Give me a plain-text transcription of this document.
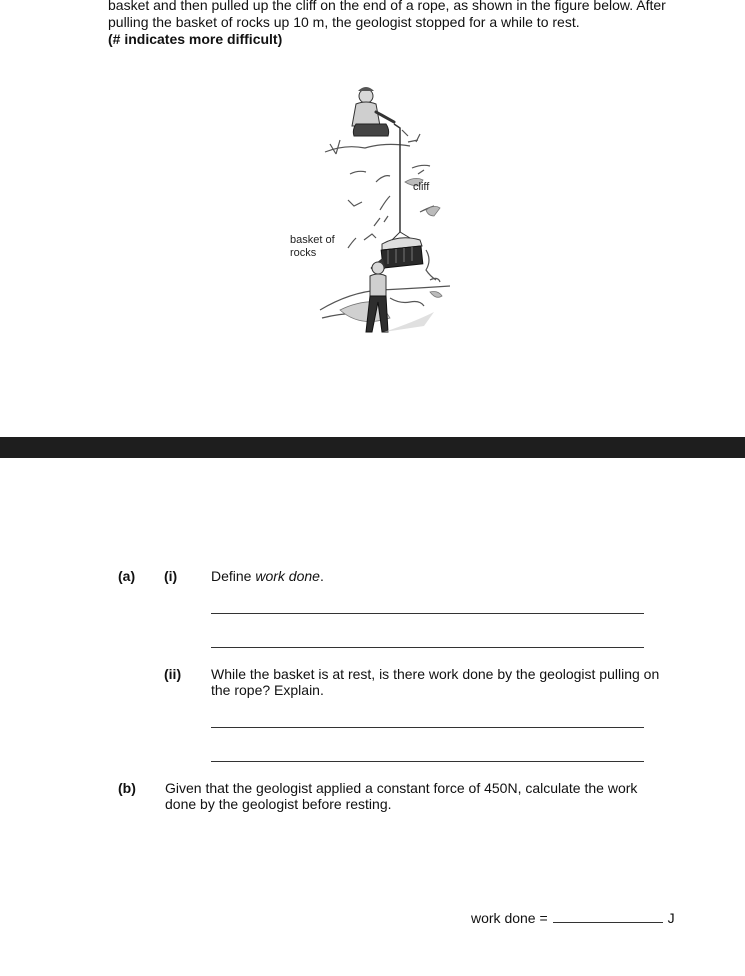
basket and then pulled up the cliff on the end of a rope, as shown in the figure below. After
pulling the basket of rocks up 10 m, the geologist stopped for a while to rest.
(# indicates more difficult)
cliff
basket of
rocks
(a) (i) Define work done.
(ii) While the basket is at rest, is there work done by the geologist pulling on
the rope? Explain.
(b) Given that the geologist applied a constant force of 450N, calculate the work
done by the geologist before resting.
work done =	J
